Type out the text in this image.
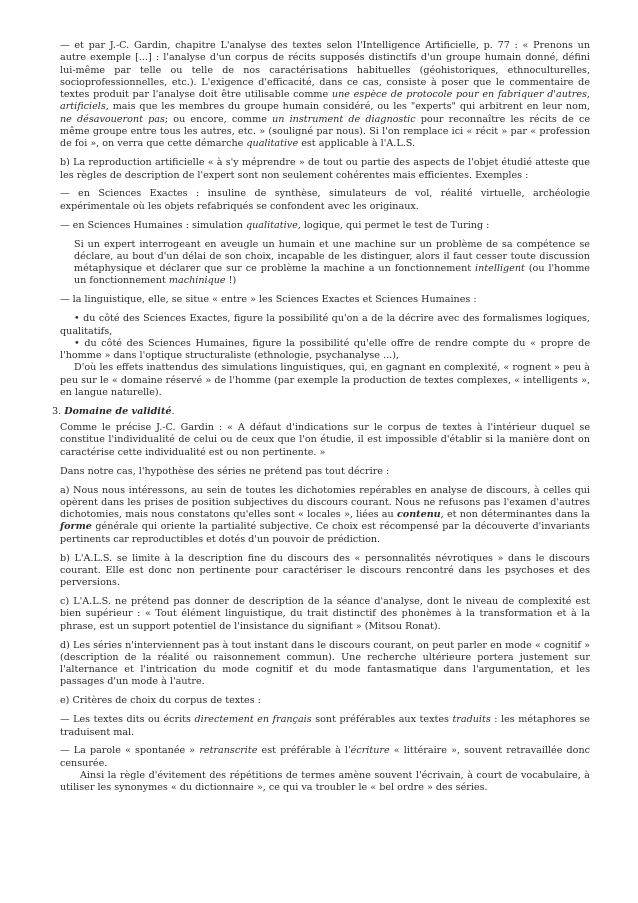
— et par J.-C. Gardin, chapitre L'analyse des textes selon l'Intelligence Artificielle, p. 77 : « Prenons un autre exemple [...] : l'analyse d'un corpus de récits supposés distinctifs d'un groupe humain donné, défini lui-même par telle ou telle de nos caractérisations habituelles (géohistoriques, ethnoculturelles, socioprofessionnelles, etc.). L'exigence d'efficacité, dans ce cas, consiste à poser que le commentaire de textes produit par l'analyse doit être utilisable comme une espèce de protocole pour en fabriquer d'autres, artificiels, mais que les membres du groupe humain considéré, ou les "experts" qui arbitrent en leur nom, ne désavoueront pas; ou encore, comme un instrument de diagnostic pour reconnaître les récits de ce même groupe entre tous les autres, etc. » (souligné par nous). Si l'on remplace ici « récit » par « profession de foi », on verra que cette démarche qualitative est applicable à l'A.L.S.

b) La reproduction artificielle « à s'y méprendre » de tout ou partie des aspects de l'objet étudié atteste que les règles de description de l'expert sont non seulement cohérentes mais efficientes. Exemples :

— en Sciences Exactes : insuline de synthèse, simulateurs de vol, réalité virtuelle, archéologie expérimentale où les objets refabriqués se confondent avec les originaux.

— en Sciences Humaines : simulation qualitative, logique, qui permet le test de Turing :

Si un expert interrogeant en aveugle un humain et une machine sur un problème de sa compétence se déclare, au bout d'un délai de son choix, incapable de les distinguer, alors il faut cesser toute discussion métaphysique et déclarer que sur ce problème la machine a un fonctionnement intelligent (ou l'homme un fonctionnement machinique !)

— la linguistique, elle, se situe « entre » les Sciences Exactes et Sciences Humaines :

• du côté des Sciences Exactes, figure la possibilité qu'on a de la décrire avec des formalismes logiques, qualitatifs,

• du côté des Sciences Humaines, figure la possibilité qu'elle offre de rendre compte du « propre de l'homme » dans l'optique structuraliste (ethnologie, psychanalyse ...),

D'où les effets inattendus des simulations linguistiques, qui, en gagnant en complexité, « rognent » peu à peu sur le « domaine réservé » de l'homme (par exemple la production de textes complexes, « intelligents », en langue naturelle).

3. Domaine de validité.

Comme le précise J.-C. Gardin : « A défaut d'indications sur le corpus de textes à l'intérieur duquel se constitue l'individualité de celui ou de ceux que l'on étudie, il est impossible d'établir si la manière dont on caractérise cette individualité est ou non pertinente. »

Dans notre cas, l'hypothèse des séries ne prétend pas tout décrire :

a) Nous nous intéressons, au sein de toutes les dichotomies repérables en analyse de discours, à celles qui opèrent dans les prises de position subjectives du discours courant. Nous ne refusons pas l'examen d'autres dichotomies, mais nous constatons qu'elles sont « locales », liées au contenu, et non déterminantes dans la forme générale qui oriente la partialité subjective. Ce choix est récompensé par la découverte d'invariants pertinents car reproductibles et dotés d'un pouvoir de prédiction.

b) L'A.L.S. se limite à la description fine du discours des « personnalités névrotiques » dans le discours courant. Elle est donc non pertinente pour caractériser le discours rencontré dans les psychoses et des perversions.

c) L'A.L.S. ne prétend pas donner de description de la séance d'analyse, dont le niveau de complexité est bien supérieur : « Tout élément linguistique, du trait distinctif des phonèmes à la transformation et à la phrase, est un support potentiel de l'insistance du signifiant » (Mitsou Ronat).

d) Les séries n'interviennent pas à tout instant dans le discours courant, on peut parler en mode « cognitif » (description de la réalité ou raisonnement commun). Une recherche ultérieure portera justement sur l'alternance et l'intrication du mode cognitif et du mode fantasmatique dans l'argumentation, et les passages d'un mode à l'autre.

e) Critères de choix du corpus de textes :

— Les textes dits ou écrits directement en français sont préférables aux textes traduits : les métaphores se traduisent mal.

— La parole « spontanée » retranscrite est préférable à l'écriture « littéraire », souvent retravaillée donc censurée.

Ainsi la règle d'évitement des répétitions de termes amène souvent l'écrivain, à court de vocabulaire, à utiliser les synonymes « du dictionnaire », ce qui va troubler le « bel ordre » des séries.
